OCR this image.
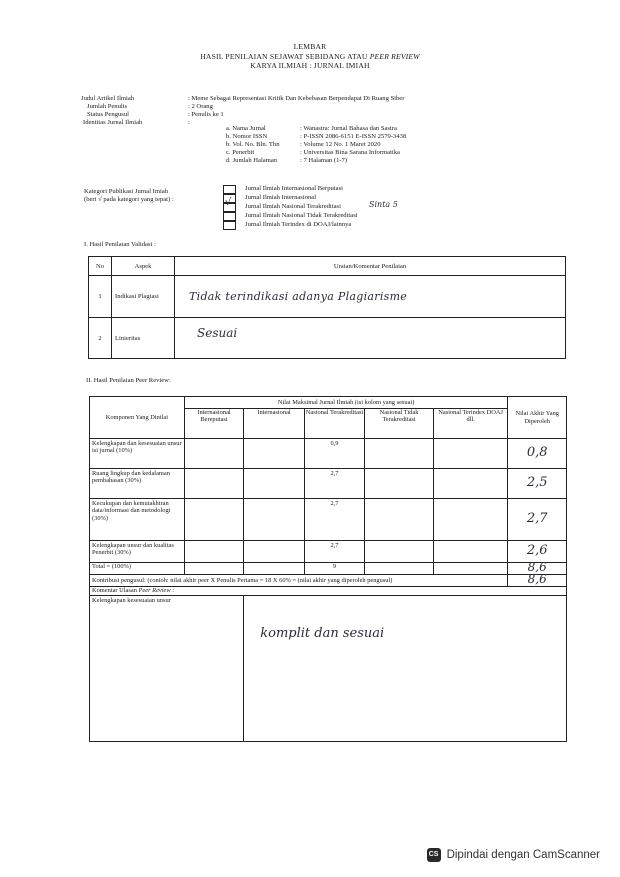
LEMBAR
HASIL PENILAIAN SEJAWAT SEBIDANG ATAU PEER REVIEW
KARYA ILMIAH : JURNAL IMIAH
Judul Artikel Ilmiah	: Meme Sebagai Representasi Kritik Dan Kebebasan Berpendapat Di Ruang Siber
Jumlah Penulis	: 2 Orang
Status Pengusul	: Penulis ke 1
Identitas Jurnal Ilmiah	:
a. Nama Jurnal	: Wanastra: Jurnal Bahasa dan Sastra
b. Nomor ISSN	: P-ISSN 2086-6151 E-ISSN 2579-3438
b. Vol. No. Bln. Thn	: Volume 12 No. 1 Maret 2020
c. Penerbit	: Universitas Bina Sarana Informatika
d. Jumlah Halaman	: 7 Halaman (1-7)
Kategori Publikasi Jurnal Imiah
(beri √ pada kategori yang tepat) :
Jurnal Ilmiah Internasional Berputasi
Jurnal Ilmiah Internasional
√ Jurnal Ilmiah Nasional Terakreditasi	Sinta 5
Jurnal Ilmiah Nasional Tidak Terakreditasi
Jurnal Ilmiah Terindex di DOAJ/lainnya
I. Hasil Penilaian Validasi :
No	Aspek	Uraian/Komentar Penilaian
1	Indikasi Plagiasi	Tidak terindikasi adanya Plagiarisme
2	Linieritas	Sesuai
II. Hasil Penilaian Peer Review:
Komponen Yang Dinilai	Nilai Maksimal Jurnal Ilmiah (isi kolom yang sesuai)					Nilai Akhir Yang Diperoleh
	Internasional Bereputasi	Internasional	Nasional Terakreditasi	Nasional Tidak Terakreditasi	Nasional Terindex DOAJ dll.	
Kelengkapan dan kesesuaian unsur isi jurnal (10%)			0,9			0,8
Ruang lingkup dan kedalaman pembahasan (30%)			2,7			2,5
Kecukupan dan kemutakhiran data/informasi dan metodologi (30%)			2,7			2,7
Kelengkapan unsur dan kualitas Penerbit (30%)			2,7			2,6
Total = (100%)			9			8,6
Kontribusi pengusul: (contoh: nilai akhir peer X Penulis Pertama = 18 X 60% = (nilai akhir yang diperoleh pengusul)						8,6
Komentar Ulasan Peer Review :						
Kelengkapan kesesuaian unsur		komplit dan sesuai				
CS Dipindai dengan CamScanner
